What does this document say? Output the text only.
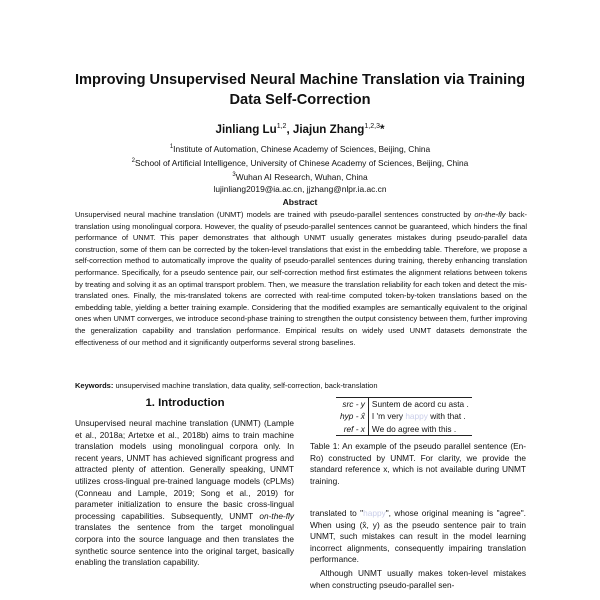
Improving Unsupervised Neural Machine Translation via Training Data Self-Correction
Jinliang Lu$^{1,2}$, Jiajun Zhang$^{1,2,3}$*
$^1$Institute of Automation, Chinese Academy of Sciences, Beijing, China
$^2$School of Artificial Intelligence, University of Chinese Academy of Sciences, Beijing, China
$^3$Wuhan AI Research, Wuhan, China
lujinliang2019@ia.ac.cn, jjzhang@nlpr.ia.ac.cn
Abstract
Unsupervised neural machine translation (UNMT) models are trained with pseudo-parallel sentences constructed by on-the-fly back-translation using monolingual corpora. However, the quality of pseudo-parallel sentences cannot be guaranteed, which hinders the final performance of UNMT. This paper demonstrates that although UNMT usually generates mistakes during pseudo-parallel data construction, some of them can be corrected by the token-level translations that exist in the embedding table. Therefore, we propose a self-correction method to automatically improve the quality of pseudo-parallel sentences during training, thereby enhancing translation performance. Specifically, for a pseudo sentence pair, our self-correction method first estimates the alignment relations between tokens by treating and solving it as an optimal transport problem. Then, we measure the translation reliability for each token and detect the mis-translated ones. Finally, the mis-translated tokens are corrected with real-time computed token-by-token translations based on the embedding table, yielding a better training example. Considering that the modified examples are semantically equivalent to the original ones when UNMT converges, we introduce second-phase training to strengthen the output consistency between them, further improving the generalization capability and translation performance. Empirical results on widely used UNMT datasets demonstrate the effectiveness of our method and it significantly outperforms several strong baselines.
Keywords: unsupervised machine translation, data quality, self-correction, back-translation
1. Introduction

Unsupervised neural machine translation (UNMT) (Lample et al., 2018a; Artetxe et al., 2018b) aims to train machine translation models using monolingual corpora only. In recent years, UNMT has achieved significant progress and attracted plenty of attention. Generally speaking, UNMT utilizes cross-lingual pre-trained language models (cPLMs) (Conneau and Lample, 2019; Song et al., 2019) for parameter initialization to ensure the basic cross-lingual processing capabilities. Subsequently, UNMT on-the-fly translates the sentence from the target monolingual corpora into the source language and then translates the synthetic source sentence into the original target, basically enabling the translation capability.

src - y	Suntem de acord cu asta .
hyp - x̂	I 'm very happy with that .
ref - x	We do agree with this .

Table 1: An example of the pseudo parallel sentence (En-Ro) constructed by UNMT. For clarity, we provide the standard reference x, which is not available during UNMT training.

translated to "happy", whose original meaning is "agree". When using (x̂, y) as the pseudo sentence pair to train UNMT, such mistakes can result in the model learning incorrect alignments, consequently impairing translation performance.

Although UNMT usually makes token-level mistakes when constructing pseudo-parallel sen-
